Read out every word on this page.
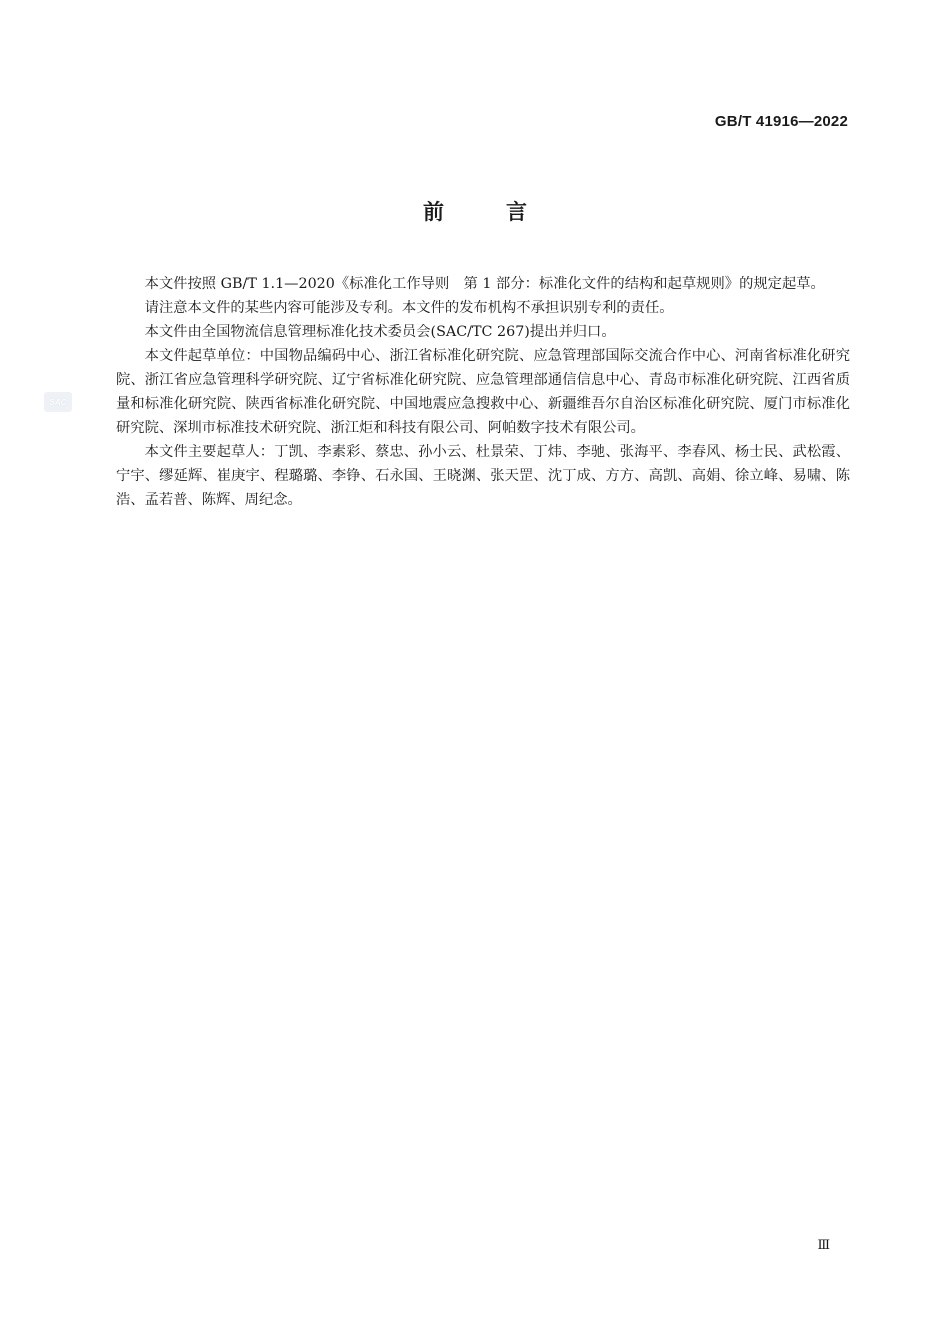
GB/T 41916—2022
前言
SAC

本文件按照 GB/T 1.1—2020《标准化工作导则　第 1 部分：标准化文件的结构和起草规则》的规定起草。

请注意本文件的某些内容可能涉及专利。本文件的发布机构不承担识别专利的责任。

本文件由全国物流信息管理标准化技术委员会(SAC/TC 267)提出并归口。

本文件起草单位：中国物品编码中心、浙江省标准化研究院、应急管理部国际交流合作中心、河南省标准化研究院、浙江省应急管理科学研究院、辽宁省标准化研究院、应急管理部通信信息中心、青岛市标准化研究院、江西省质量和标准化研究院、陕西省标准化研究院、中国地震应急搜救中心、新疆维吾尔自治区标准化研究院、厦门市标准化研究院、深圳市标准技术研究院、浙江炬和科技有限公司、阿帕数字技术有限公司。

本文件主要起草人：丁凯、李素彩、蔡忠、孙小云、杜景荣、丁炜、李驰、张海平、李春风、杨士民、武松霞、宁宇、缪延辉、崔庚宇、程璐璐、李铮、石永国、王晓渊、张天罡、沈丁成、方方、高凯、高娟、徐立峰、易啸、陈浩、孟若普、陈辉、周纪念。

Ⅲ
